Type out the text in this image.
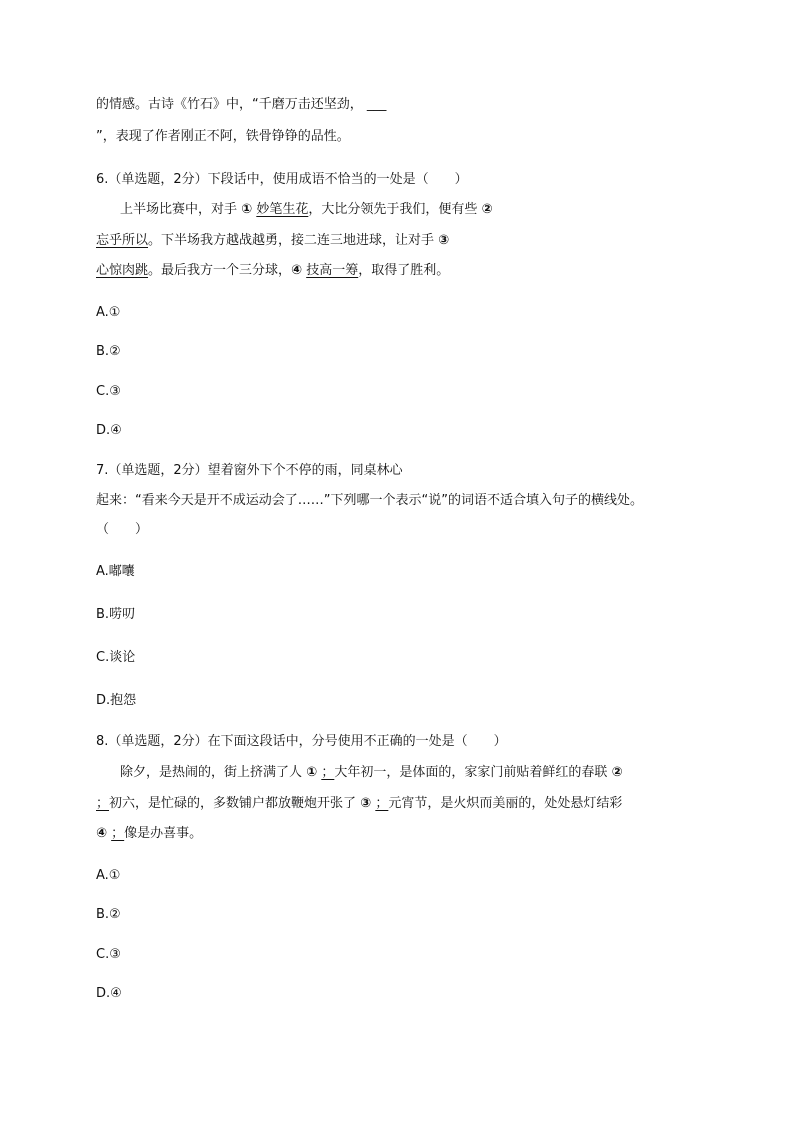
的情感。古诗《竹石》中，“千磨万击还坚劲， ___
”，表现了作者刚正不阿，铁骨铮铮的品性。
6.（单选题，2分）下段话中，使用成语不恰当的一处是（　　）
上半场比赛中，对手 ① 妙笔生花，大比分领先于我们，便有些 ②
忘乎所以。下半场我方越战越勇，接二连三地进球，让对手 ③
心惊肉跳。最后我方一个三分球，④ 技高一筹，取得了胜利。
A.①
B.②
C.③
D.④
7.（单选题，2分）望着窗外下个不停的雨，同桌林心
起来：“看来今天是开不成运动会了……”下列哪一个表示“说”的词语不适合填入句子的横线处。
（　　）
A.嘟囔
B.唠叨
C.谈论
D.抱怨
8.（单选题，2分）在下面这段话中，分号使用不正确的一处是（　　）
除夕，是热闹的，街上挤满了人 ① ；大年初一，是体面的，家家门前贴着鲜红的春联 ②
；初六，是忙碌的，多数铺户都放鞭炮开张了 ③ ；元宵节，是火炽而美丽的，处处悬灯结彩
④ ；像是办喜事。
A.①
B.②
C.③
D.④
